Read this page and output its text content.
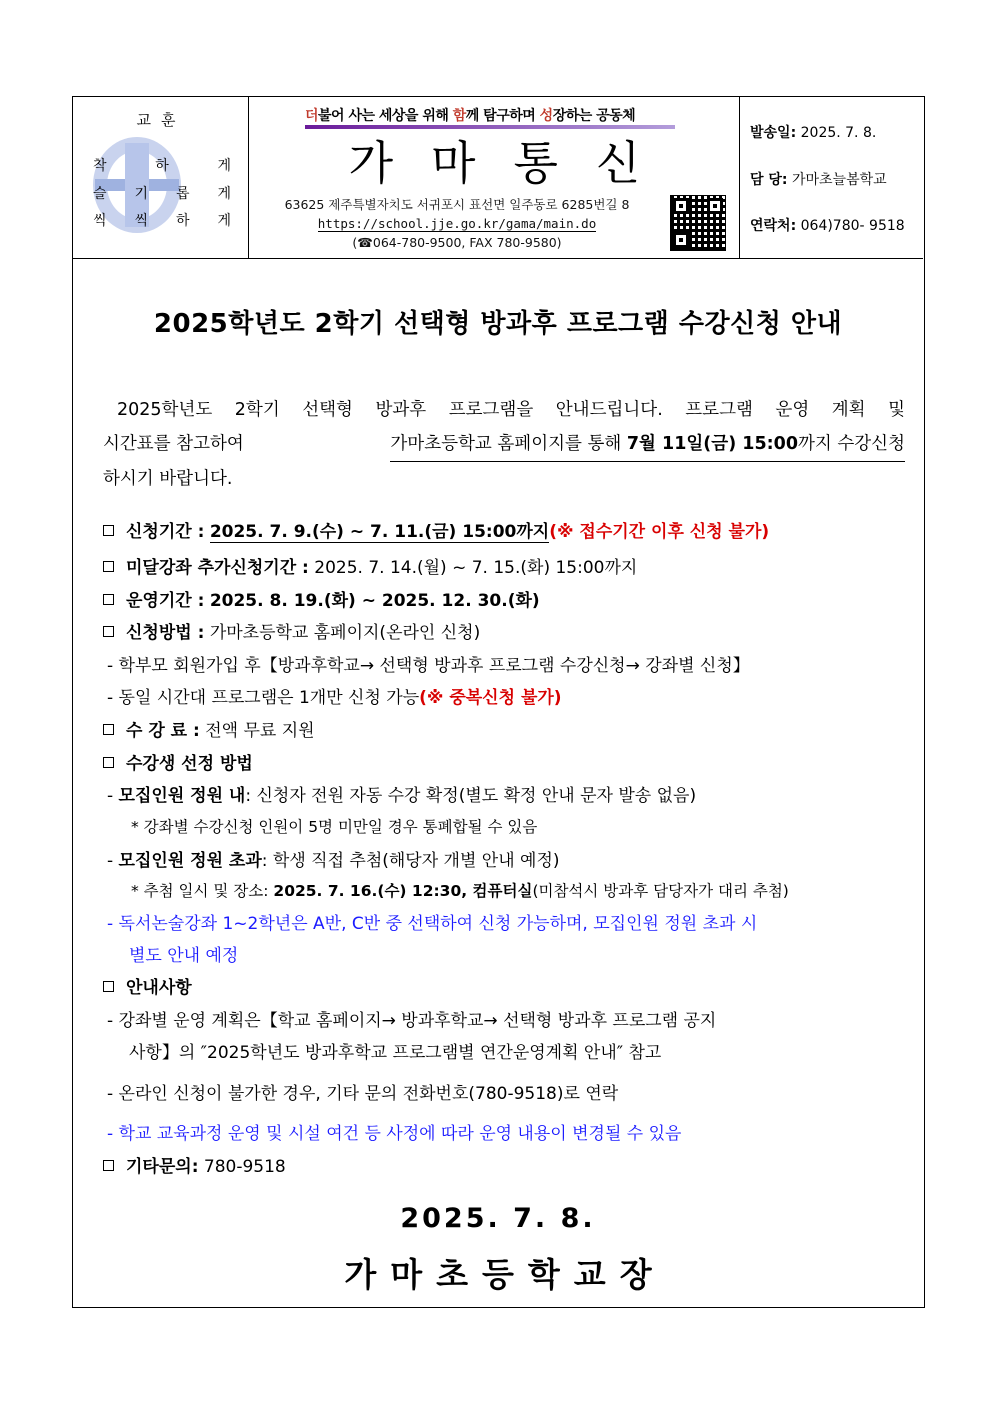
교훈
착	하	게
슬 기 롭 게
씩 씩 하 게
더불어 사는 세상을 위해 함께 탐구하며 성장하는 공동체
가마통신
63625 제주특별자치도 서귀포시 표선면 일주동로 6285번길 8
https://school.jje.go.kr/gama/main.do
(☎064-780-9500, FAX 780-9580)
발송일: 2025. 7. 8.
담 당: 가마초늘봄학교
연락처: 064)780- 9518
2025학년도 2학기 선택형 방과후 프로그램 수강신청 안내
2025학년도 2학기 선택형 방과후 프로그램을 안내드립니다. 프로그램 운영 계획 및
시간표를 참고하여	가마초등학교 홈페이지를 통해 7월 11일(금) 15:00까지 수강신청
하시기 바랍니다.
신청기간 : 2025. 7. 9.(수) ~ 7. 11.(금) 15:00까지(※ 접수기간 이후 신청 불가)
미달강좌 추가신청기간 : 2025. 7. 14.(월) ~ 7. 15.(화) 15:00까지
운영기간 : 2025. 8. 19.(화) ~ 2025. 12. 30.(화)
신청방법 : 가마초등학교 홈페이지(온라인 신청)
- 학부모 회원가입 후【방과후학교→ 선택형 방과후 프로그램 수강신청→ 강좌별 신청】
- 동일 시간대 프로그램은 1개만 신청 가능(※ 중복신청 불가)
수 강 료 : 전액 무료 지원
수강생 선정 방법
- 모집인원 정원 내: 신청자 전원 자동 수강 확정(별도 확정 안내 문자 발송 없음)
* 강좌별 수강신청 인원이 5명 미만일 경우 통폐합될 수 있음
- 모집인원 정원 초과: 학생 직접 추첨(해당자 개별 안내 예정)
* 추첨 일시 및 장소: 2025. 7. 16.(수) 12:30, 컴퓨터실(미참석시 방과후 담당자가 대리 추첨)
- 독서논술강좌 1~2학년은 A반, C반 중 선택하여 신청 가능하며, 모집인원 정원 초과 시
별도 안내 예정
안내사항
- 강좌별 운영 계획은【학교 홈페이지→ 방과후학교→ 선택형 방과후 프로그램 공지
사항】의 ″2025학년도 방과후학교 프로그램별 연간운영계획 안내″ 참고
- 온라인 신청이 불가한 경우, 기타 문의 전화번호(780-9518)로 연락
- 학교 교육과정 운영 및 시설 여건 등 사정에 따라 운영 내용이 변경될 수 있음
기타문의: 780-9518
2025. 7. 8.
가마초등학교장
